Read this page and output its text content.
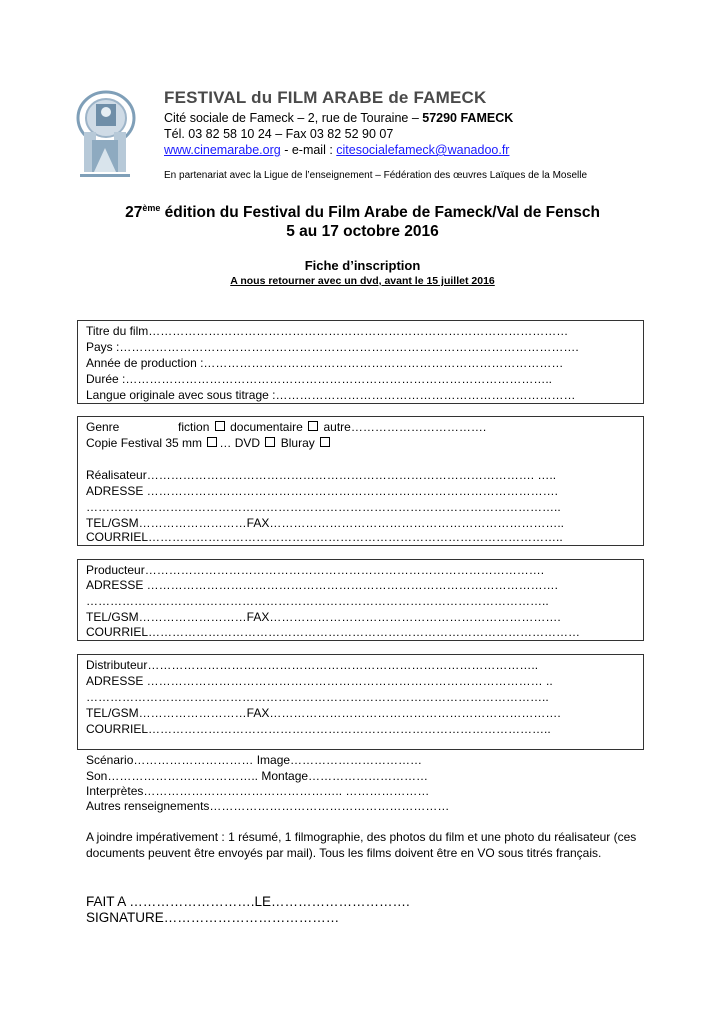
FESTIVAL du FILM ARABE de FAMECK
Cité sociale de Fameck – 2, rue de Touraine – 57290 FAMECK
Tél. 03 82 58 10 24 – Fax 03 82 52 90 07
www.cinemarabe.org - e-mail : citesocialefameck@wanadoo.fr
En partenariat avec la Ligue de l’enseignement – Fédération des œuvres Laïques de la Moselle
27ème édition du Festival du Film Arabe de Fameck/Val de Fensch
5 au 17 octobre 2016
Fiche d’inscription
A nous retourner avec un dvd, avant le 15 juillet 2016
Titre du film……………………………………………………………………………………………
Pays :…………………………………………………………………………………………………….
Année de production :………………………………………………………………………………
Durée :……………………………………………………………………………………………..
Langue originale avec sous titrage :…………………………………………………………………
Genre	fiction documentaire autre…………………………….
Copie Festival 35 mm … DVD Bluray
Réalisateur……………………………………………………………………………………. …..
ADRESSE ………………………………………………………………………………………….
………………………………………………………………………………………………………..
TEL/GSM………………………FAX………………………………………………………………..
COURRIEL…………………………………………………………………………………………..
Producteur……………………………………………………………………………………….
ADRESSE ………………………………………………………………………………………….
……………………………………………………………………………………………………..
TEL/GSM………………………FAX……………………………………………………………….
COURRIEL………………………………………………………………………………………………
Distributeur……………………………………………………………………………………..
ADRESSE ……………………………………………………………………………………… ..
……………………………………………………………………………………………………..
TEL/GSM………………………FAX……………………………………………………………….
COURRIEL………………………………………………………………………………………..
Scénario………………………… Image……………………………
Son……………………………….. Montage…………………………
Interprètes………………………………………….. …………………
Autres renseignements……………………………………………………
A joindre impérativement : 1 résumé, 1 filmographie, des photos du film et une photo du réalisateur (ces documents peuvent être envoyés par mail). Tous les films doivent être en VO sous titrés français.
FAIT A ……………………….LE………………………….
SIGNATURE…………………………………
